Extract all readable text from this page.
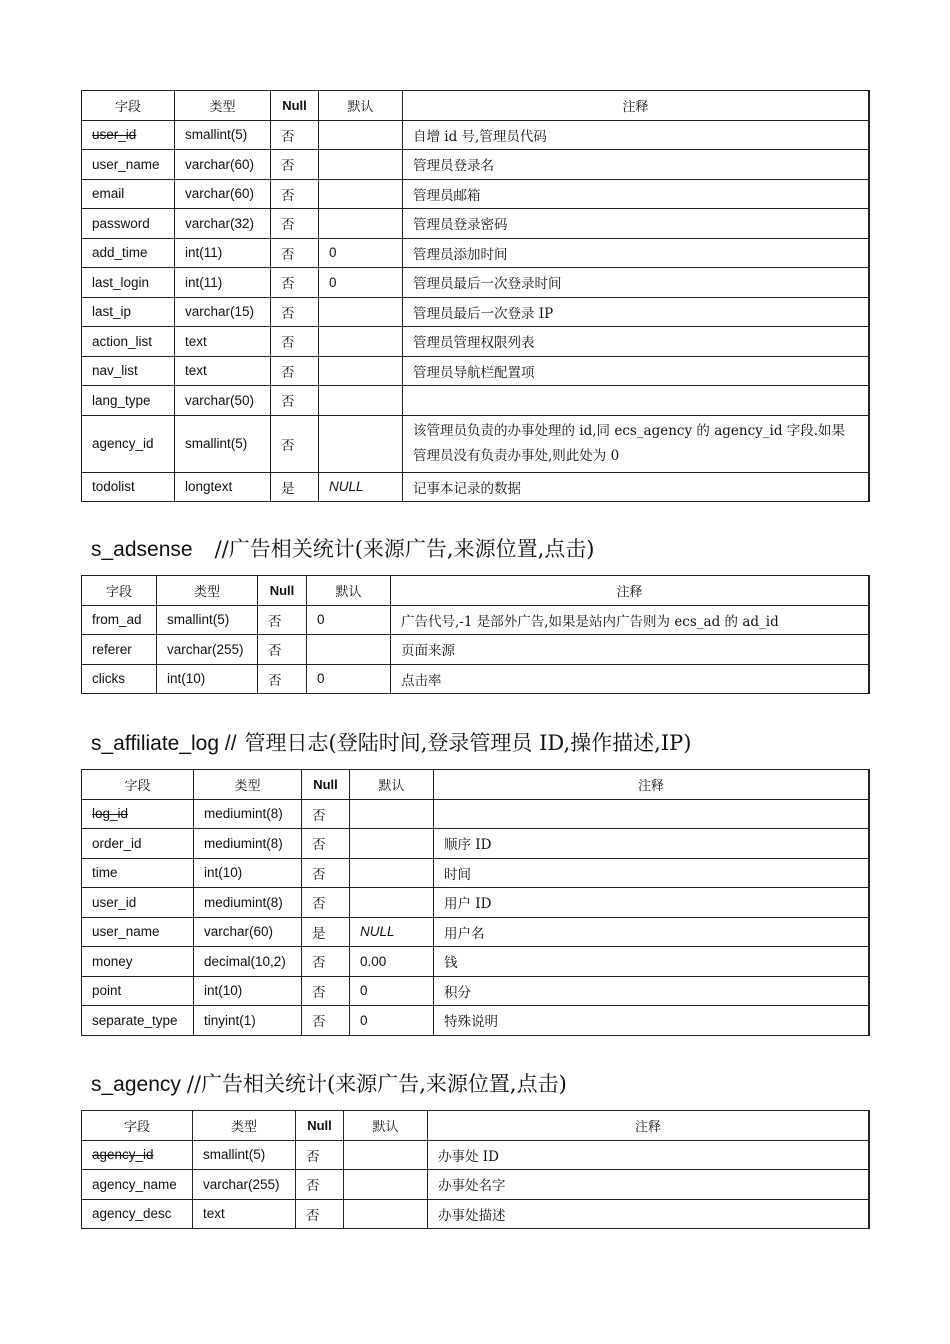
字段	类型	Null	默认	注释
user_id	smallint(5)	否		自增 id 号,管理员代码
user_name	varchar(60)	否		管理员登录名
email	varchar(60)	否		管理员邮箱
password	varchar(32)	否		管理员登录密码
add_time	int(11)	否	0	管理员添加时间
last_login	int(11)	否	0	管理员最后一次登录时间
last_ip	varchar(15)	否		管理员最后一次登录 IP
action_list	text	否		管理员管理权限列表
nav_list	text	否		管理员导航栏配置项
lang_type	varchar(50)	否		
agency_id	smallint(5)	否		该管理员负责的办事处理的 id,同 ecs_agency 的 agency_id 字段.如果管理员没有负责办事处,则此处为 0
todolist	longtext	是	NULL	记事本记录的数据
s_adsense //广告相关统计(来源广告,来源位置,点击)
字段	类型	Null	默认	注释
from_ad	smallint(5)	否	0	广告代号,-1 是部外广告,如果是站内广告则为 ecs_ad 的 ad_id
referer	varchar(255)	否		页面来源
clicks	int(10)	否	0	点击率
s_affiliate_log // 管理日志(登陆时间,登录管理员 ID,操作描述,IP)
字段	类型	Null	默认	注释
log_id	mediumint(8)	否		
order_id	mediumint(8)	否		顺序 ID
time	int(10)	否		时间
user_id	mediumint(8)	否		用户 ID
user_name	varchar(60)	是	NULL	用户名
money	decimal(10,2)	否	0.00	钱
point	int(10)	否	0	积分
separate_type	tinyint(1)	否	0	特殊说明
s_agency //广告相关统计(来源广告,来源位置,点击)
字段	类型	Null	默认	注释
agency_id	smallint(5)	否		办事处 ID
agency_name	varchar(255)	否		办事处名字
agency_desc	text	否		办事处描述
